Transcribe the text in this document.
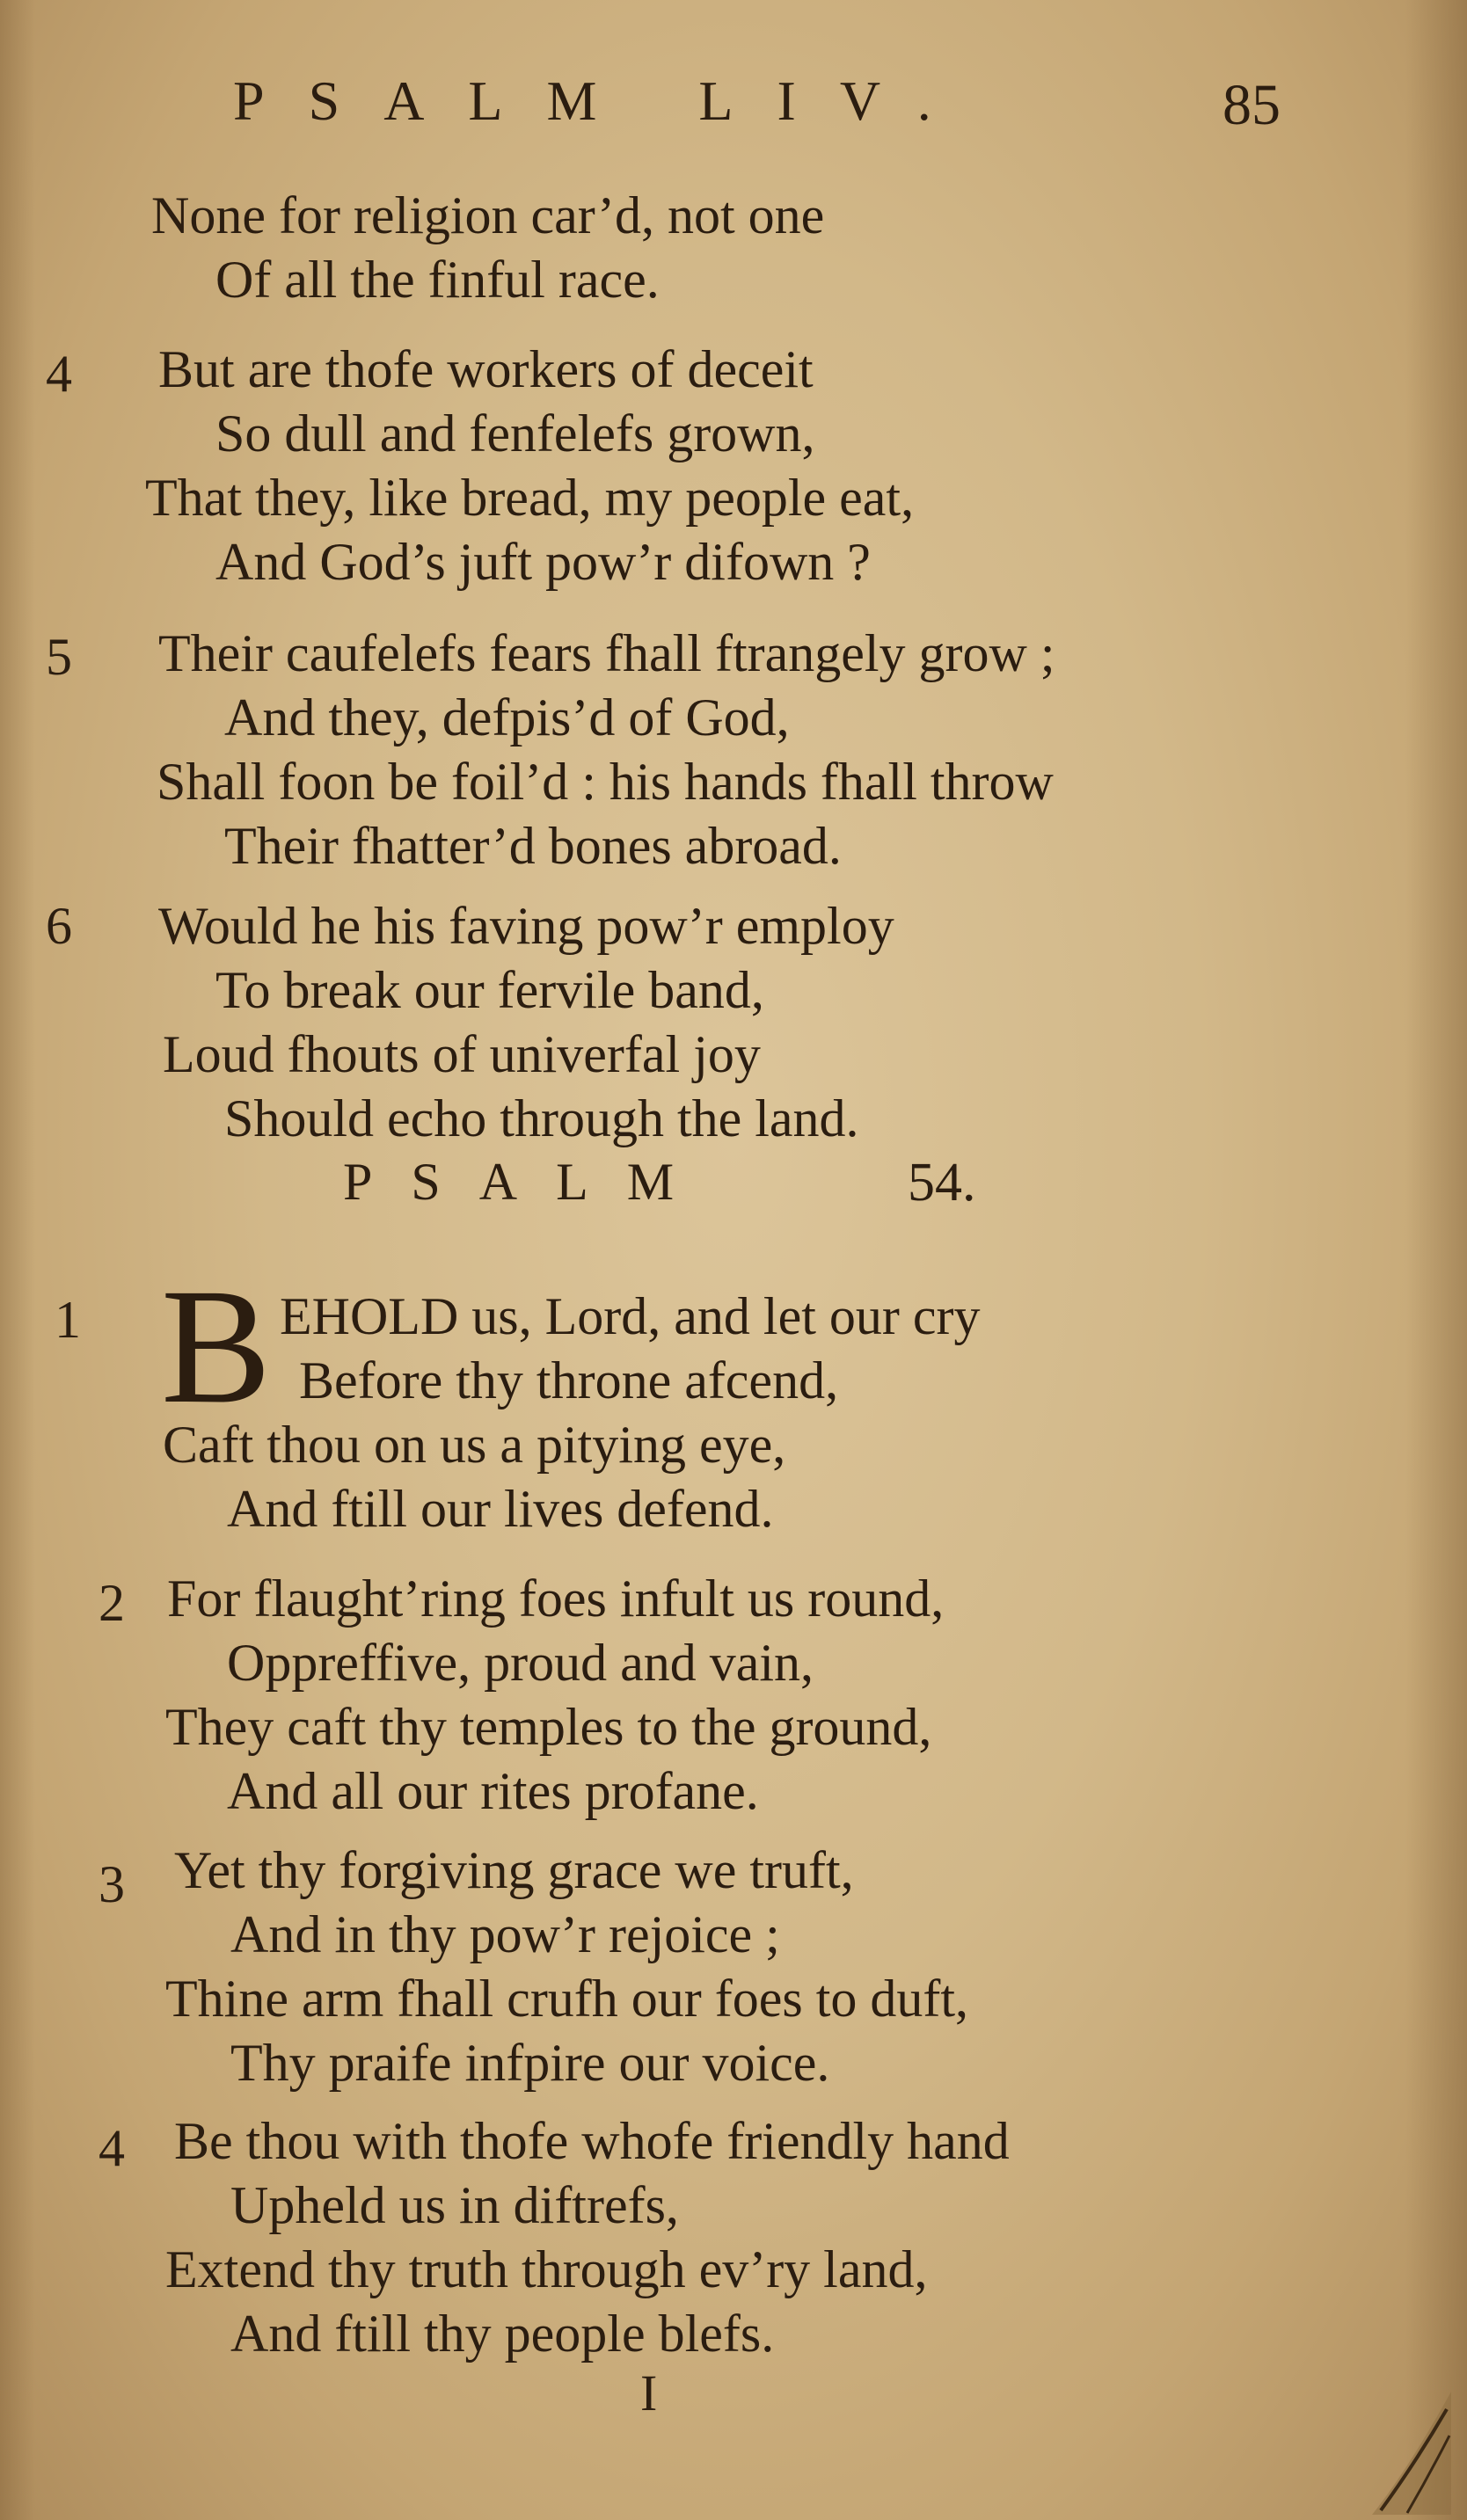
PSALM LIV.	85
None for religion car’d, not one
Of all the finful race.
4 But are thofe workers of deceit
So dull and fenfelefs grown,
That they, like bread, my people eat,
And God’s juft pow’r difown ?
5 Their caufelefs fears fhall ftrangely grow ;
And they, defpis’d of God,
Shall foon be foil’d : his hands fhall throw
Their fhatter’d bones abroad.
6 Would he his faving pow’r employ
To break our fervile band,
Loud fhouts of univerfal joy
Should echo through the land.
PSALM	54.
1 B EHOLD us, Lord, and let our cry
Before thy throne afcend,
Caft thou on us a pitying eye,
And ftill our lives defend.
2 For flaught’ring foes infult us round,
Oppreffive, proud and vain,
They caft thy temples to the ground,
And all our rites profane.
3 Yet thy forgiving grace we truft,
And in thy pow’r rejoice ;
Thine arm fhall crufh our foes to duft,
Thy praife infpire our voice.
4 Be thou with thofe whofe friendly hand
Upheld us in diftrefs,
Extend thy truth through ev’ry land,
And ftill thy people blefs.
I
